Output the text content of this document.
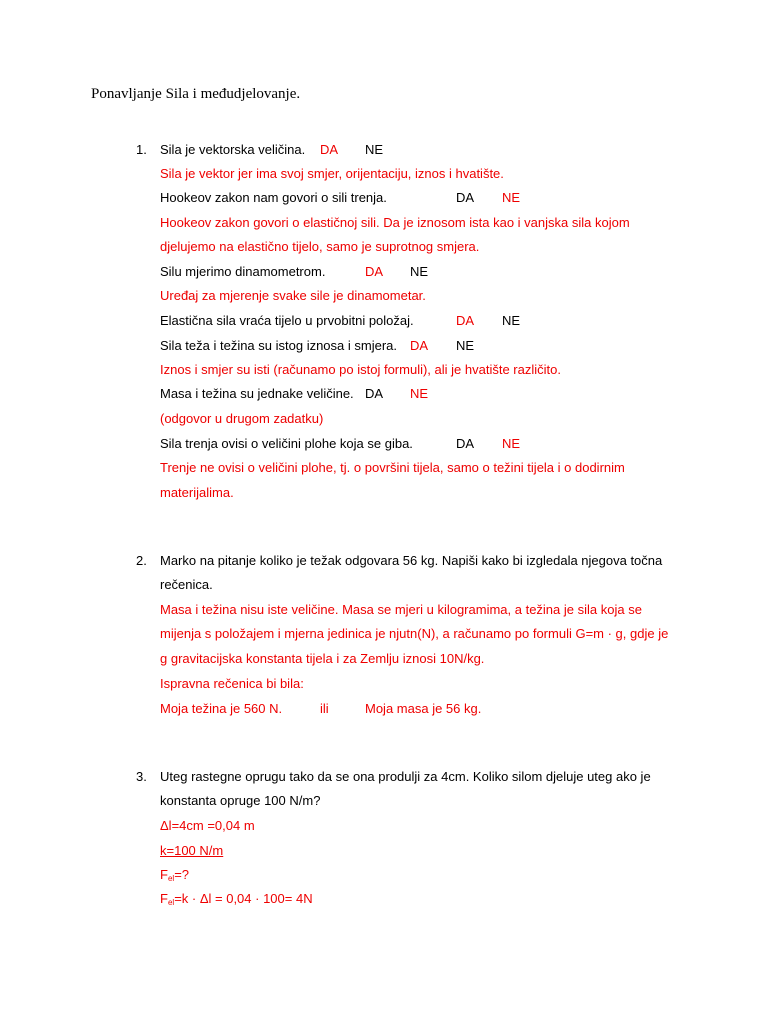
Ponavljanje Sila i međudjelovanje.
1. Sila je vektorska veličina. DA NE
Sila je vektor jer ima svoj smjer, orijentaciju, iznos i hvatište.
Hookeov zakon nam govori o sili trenja.	DA NE
Hookeov zakon govori o elastičnoj sili. Da je iznosom ista kao i vanjska sila kojom
djelujemo na elastično tijelo, samo je suprotnog smjera.
Silu mjerimo dinamometrom.	DA NE
Uređaj za mjerenje svake sile je dinamometar.
Elastična sila vraća tijelo u prvobitni položaj.	DA NE
Sila teža i težina su istog iznosa i smjera. DA NE
Iznos i smjer su isti (računamo po istoj formuli), ali je hvatište različito.
Masa i težina su jednake veličine. DA NE
(odgovor u drugom zadatku)
Sila trenja ovisi o veličini plohe koja se giba.	DA NE
Trenje ne ovisi o veličini plohe, tj. o površini tijela, samo o težini tijela i o dodirnim
materijalima.
2. Marko na pitanje koliko je težak odgovara 56 kg. Napiši kako bi izgledala njegova točna
rečenica.
Masa i težina nisu iste veličine. Masa se mjeri u kilogramima, a težina je sila koja se
mijenja s položajem i mjerna jedinica je njutn(N), a računamo po formuli G=m · g, gdje je
g gravitacijska konstanta tijela i za Zemlju iznosi 10N/kg.
Ispravna rečenica bi bila:
Moja težina je 560 N.	ili	Moja masa je 56 kg.
3. Uteg rastegne oprugu tako da se ona produlji za 4cm. Koliko silom djeluje uteg ako je
konstanta opruge 100 N/m?
Δl=4cm =0,04 m
k=100 N/m
$F_{el}=$?
$F_{el}=k \cdot \Delta l = 0,04 \cdot 100= 4N$
